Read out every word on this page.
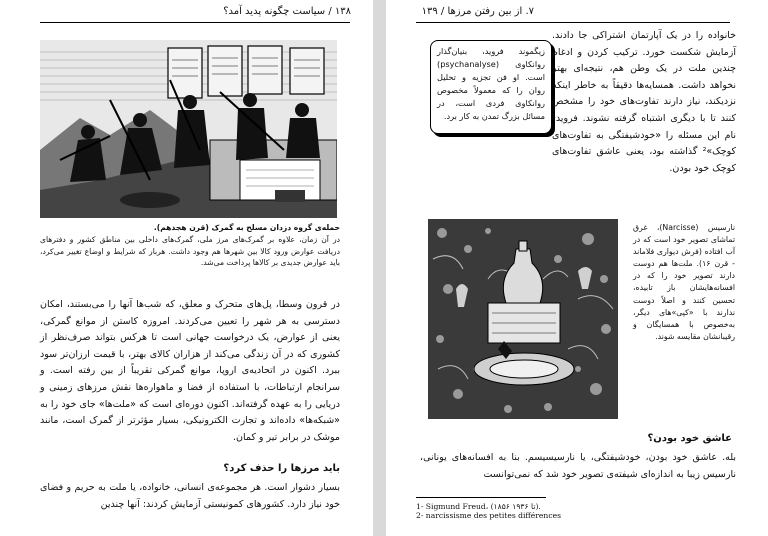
۱۳۸ / سیاست چگونه پدید آمد؟
حمله‌ی گروه دزدان مسلح به گمرک (قرن هجدهم).
در آن زمان، علاوه بر گمرک‌های مرز ملی، گمرک‌های داخلی بین مناطق کشور و دفترهای دریافت عوارض ورود کالا بین شهرها هم وجود داشت. هربار که شرایط و اوضاع تغییر می‌کرد، باید عوارض جدیدی بر کالاها پرداخت می‌شد.
در قرون وسطا، پل‌های متحرک و معلق، که شب‌ها آنها را می‌بستند، امکان دسترسی به هر شهر را تعیین می‌کردند. امروزه کاستن از موانع گمرکی، یعنی از عوارض، یک درخواست جهانی است تا هرکس بتواند صرف‌نظر از کشوری که در آن زندگی می‌کند از هزاران کالای بهتر، با قیمت ارزان‌تر سود ببرد. اکنون در اتحادیه‌ی اروپا، موانع گمرکی تقریباً از بین رفته است. و سرانجام ارتباطات، با استفاده از فضا و ماهواره‌ها نقش مرزهای زمینی و دریایی را به عهده گرفته‌اند. اکنون دوره‌ای است که «ملت‌ها» جای خود را به «شبکه‌ها» داده‌اند و تجارت الکترونیکی، بسیار مؤثرتر از گمرک است، مانند موشک در برابر تیر و کمان.
باید مرزها را حذف کرد؟
بسیار دشوار است. هر مجموعه‌ی انسانی، خانواده، یا ملت به حریم و فضای خود نیاز دارد. کشورهای کمونیستی آزمایش کردند: آنها چندین
۷. از بین رفتن مرزها / ۱۳۹
زیگموند فروید، بنیان‌گذار روانکاوی (psychanalyse) است. او فن تجزیه و تحلیل روان را که معمولاً مخصوص روانکاوی فردی است، در مسائل بزرگ تمدن به کار برد.
خانواده را در یک آپارتمان اشتراکی جا دادند. آزمایش شکست خورد. ترکیب کردن و ادغام چندین ملت در یک وطن هم، نتیجه‌ای بهتر نخواهد داشت. همسایه‌ها دقیقاً به خاطر اینکه نزدیکند، نیاز دارند تفاوت‌های خود را مشخص کنند تا با دیگری اشتباه گرفته نشوند. فروید¹ نام این مسئله را «خودشیفتگی به تفاوت‌های کوچک»² گذاشته بود، یعنی عاشق تفاوت‌های کوچک خود بودن.
نارسیس (Narcisse)، غرق تماشای تصویر خود است که در آب افتاده (فرش دیواری فلاماند - قرن ۱۶). ملت‌ها هم دوست دارند تصویر خود را که در افسانه‌هایشان باز تابیده، تحسین کنند و اصلاً دوست ندارند با «کپی»های دیگر، به‌خصوص با همسایگان و رقیبانشان مقایسه شوند.
عاشق خود بودن؟
بله. عاشق خود بودن، خودشیفتگی، یا نارسیسیسم. بنا به افسانه‌های یونانی، نارسیس زیبا به اندازه‌ای شیفته‌ی تصویر خود شد که نمی‌توانست
1- Sigmund Freud، (۱۸۵۶ تا ۱۹۳۶).
2- narcissisme des petites différences
